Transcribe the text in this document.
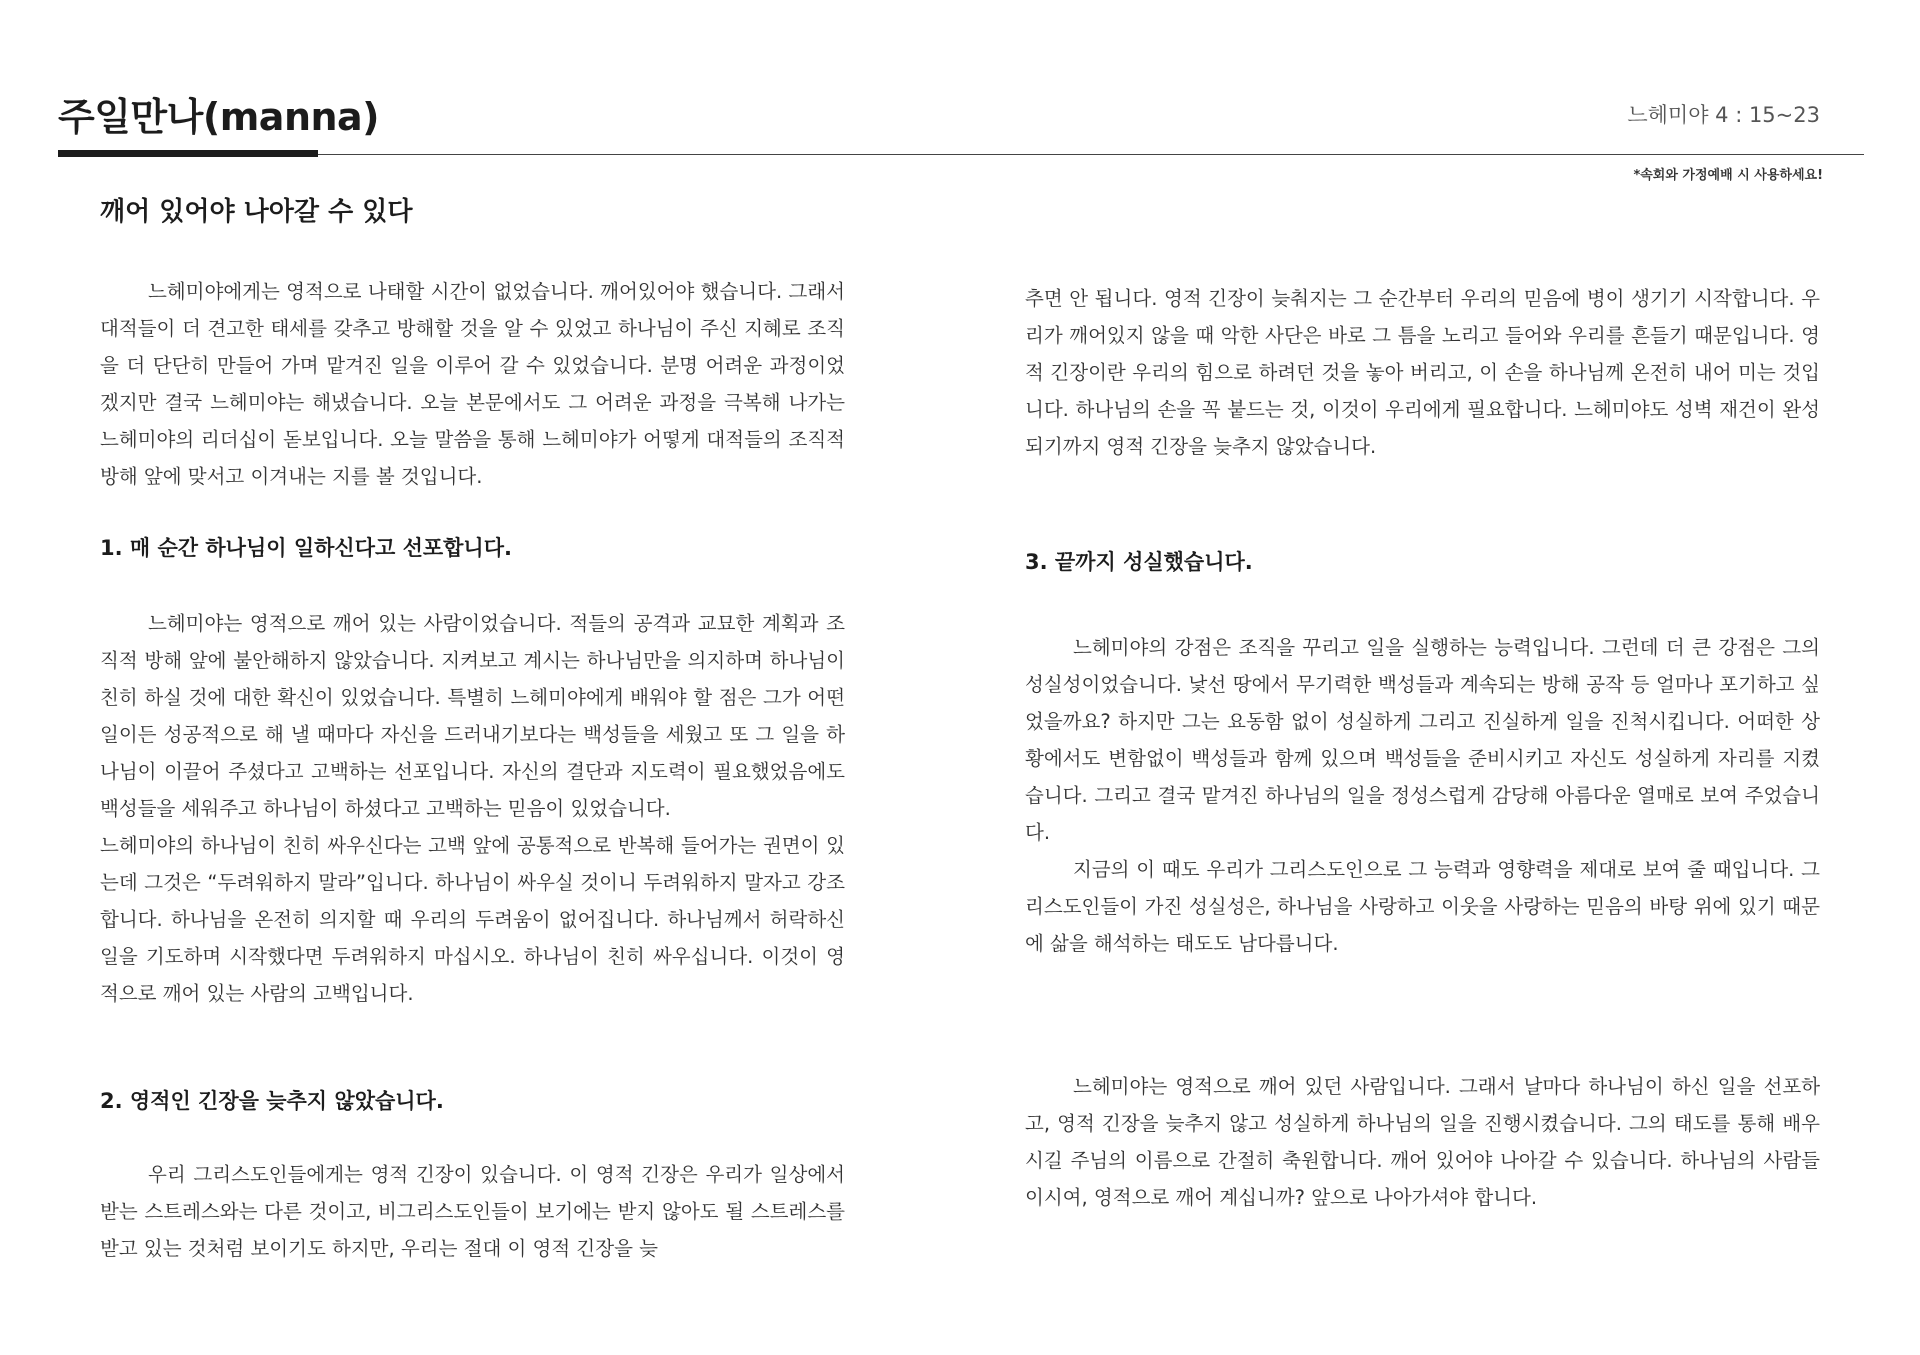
주일만나(manna)	느헤미야 4 : 15~23
*속회와 가정예배 시 사용하세요!
깨어 있어야 나아갈 수 있다

느헤미야에게는 영적으로 나태할 시간이 없었습니다. 깨어있어야 했습니다. 그래서 대적들이 더 견고한 태세를 갖추고 방해할 것을 알 수 있었고 하나님이 주신 지혜로 조직을 더 단단히 만들어 가며 맡겨진 일을 이루어 갈 수 있었습니다. 분명 어려운 과정이었겠지만 결국 느헤미야는 해냈습니다. 오늘 본문에서도 그 어려운 과정을 극복해 나가는 느헤미야의 리더십이 돋보입니다. 오늘 말씀을 통해 느헤미야가 어떻게 대적들의 조직적 방해 앞에 맞서고 이겨내는 지를 볼 것입니다.

1. 매 순간 하나님이 일하신다고 선포합니다.

느헤미야는 영적으로 깨어 있는 사람이었습니다. 적들의 공격과 교묘한 계획과 조직적 방해 앞에 불안해하지 않았습니다. 지켜보고 계시는 하나님만을 의지하며 하나님이 친히 하실 것에 대한 확신이 있었습니다. 특별히 느헤미야에게 배워야 할 점은 그가 어떤 일이든 성공적으로 해 낼 때마다 자신을 드러내기보다는 백성들을 세웠고 또 그 일을 하나님이 이끌어 주셨다고 고백하는 선포입니다. 자신의 결단과 지도력이 필요했었음에도 백성들을 세워주고 하나님이 하셨다고 고백하는 믿음이 있었습니다.

느헤미야의 하나님이 친히 싸우신다는 고백 앞에 공통적으로 반복해 들어가는 권면이 있는데 그것은 “두려워하지 말라”입니다. 하나님이 싸우실 것이니 두려워하지 말자고 강조합니다. 하나님을 온전히 의지할 때 우리의 두려움이 없어집니다. 하나님께서 허락하신 일을 기도하며 시작했다면 두려워하지 마십시오. 하나님이 친히 싸우십니다. 이것이 영적으로 깨어 있는 사람의 고백입니다.

2. 영적인 긴장을 늦추지 않았습니다.

우리 그리스도인들에게는 영적 긴장이 있습니다. 이 영적 긴장은 우리가 일상에서 받는 스트레스와는 다른 것이고, 비그리스도인들이 보기에는 받지 않아도 될 스트레스를 받고 있는 것처럼 보이기도 하지만, 우리는 절대 이 영적 긴장을 늦

추면 안 됩니다. 영적 긴장이 늦춰지는 그 순간부터 우리의 믿음에 병이 생기기 시작합니다. 우리가 깨어있지 않을 때 악한 사단은 바로 그 틈을 노리고 들어와 우리를 흔들기 때문입니다. 영적 긴장이란 우리의 힘으로 하려던 것을 놓아 버리고, 이 손을 하나님께 온전히 내어 미는 것입니다. 하나님의 손을 꼭 붙드는 것, 이것이 우리에게 필요합니다. 느헤미야도 성벽 재건이 완성되기까지 영적 긴장을 늦추지 않았습니다.

3. 끝까지 성실했습니다.

느헤미야의 강점은 조직을 꾸리고 일을 실행하는 능력입니다. 그런데 더 큰 강점은 그의 성실성이었습니다. 낯선 땅에서 무기력한 백성들과 계속되는 방해 공작 등 얼마나 포기하고 싶었을까요? 하지만 그는 요동함 없이 성실하게 그리고 진실하게 일을 진척시킵니다. 어떠한 상황에서도 변함없이 백성들과 함께 있으며 백성들을 준비시키고 자신도 성실하게 자리를 지켰습니다. 그리고 결국 맡겨진 하나님의 일을 정성스럽게 감당해 아름다운 열매로 보여 주었습니다.

지금의 이 때도 우리가 그리스도인으로 그 능력과 영향력을 제대로 보여 줄 때입니다. 그리스도인들이 가진 성실성은, 하나님을 사랑하고 이웃을 사랑하는 믿음의 바탕 위에 있기 때문에 삶을 해석하는 태도도 남다릅니다.

느헤미야는 영적으로 깨어 있던 사람입니다. 그래서 날마다 하나님이 하신 일을 선포하고, 영적 긴장을 늦추지 않고 성실하게 하나님의 일을 진행시켰습니다. 그의 태도를 통해 배우시길 주님의 이름으로 간절히 축원합니다. 깨어 있어야 나아갈 수 있습니다. 하나님의 사람들이시여, 영적으로 깨어 계십니까? 앞으로 나아가셔야 합니다.
